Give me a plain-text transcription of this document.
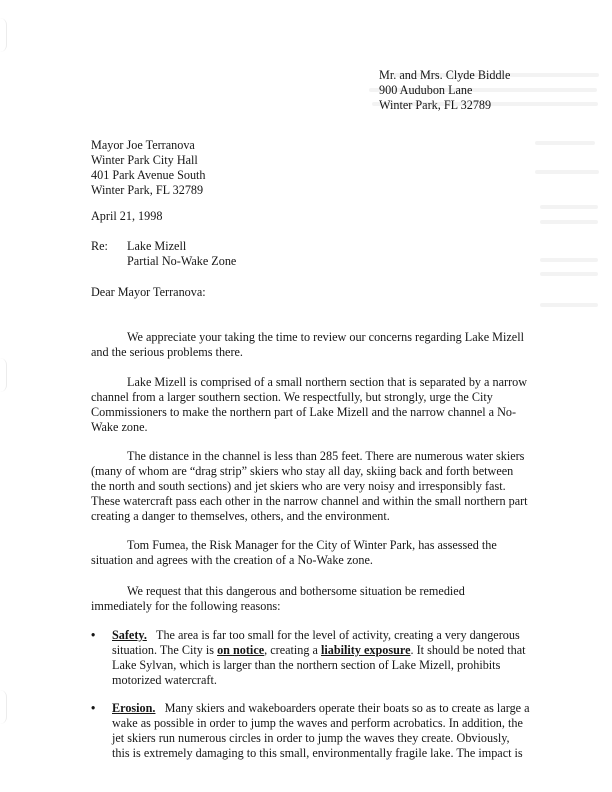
Mr. and Mrs. Clyde Biddle
900 Audubon Lane
Winter Park, FL 32789
Mayor Joe Terranova
Winter Park City Hall
401 Park Avenue South
Winter Park, FL 32789
April 21, 1998
Re: Lake Mizell
Partial No-Wake Zone
Dear Mayor Terranova:
We appreciate your taking the time to review our concerns regarding Lake Mizell
and the serious problems there.
Lake Mizell is comprised of a small northern section that is separated by a narrow
channel from a larger southern section. We respectfully, but strongly, urge the City
Commissioners to make the northern part of Lake Mizell and the narrow channel a No-
Wake zone.
The distance in the channel is less than 285 feet. There are numerous water skiers
(many of whom are “drag strip” skiers who stay all day, skiing back and forth between
the north and south sections) and jet skiers who are very noisy and irresponsibly fast.
These watercraft pass each other in the narrow channel and within the small northern part
creating a danger to themselves, others, and the environment.
Tom Fumea, the Risk Manager for the City of Winter Park, has assessed the
situation and agrees with the creation of a No-Wake zone.
We request that this dangerous and bothersome situation be remedied
immediately for the following reasons:
• Safety. The area is far too small for the level of activity, creating a very dangerous
situation. The City is on notice, creating a liability exposure. It should be noted that
Lake Sylvan, which is larger than the northern section of Lake Mizell, prohibits
motorized watercraft.
• Erosion. Many skiers and wakeboarders operate their boats so as to create as large a
wake as possible in order to jump the waves and perform acrobatics. In addition, the
jet skiers run numerous circles in order to jump the waves they create. Obviously,
this is extremely damaging to this small, environmentally fragile lake. The impact is
